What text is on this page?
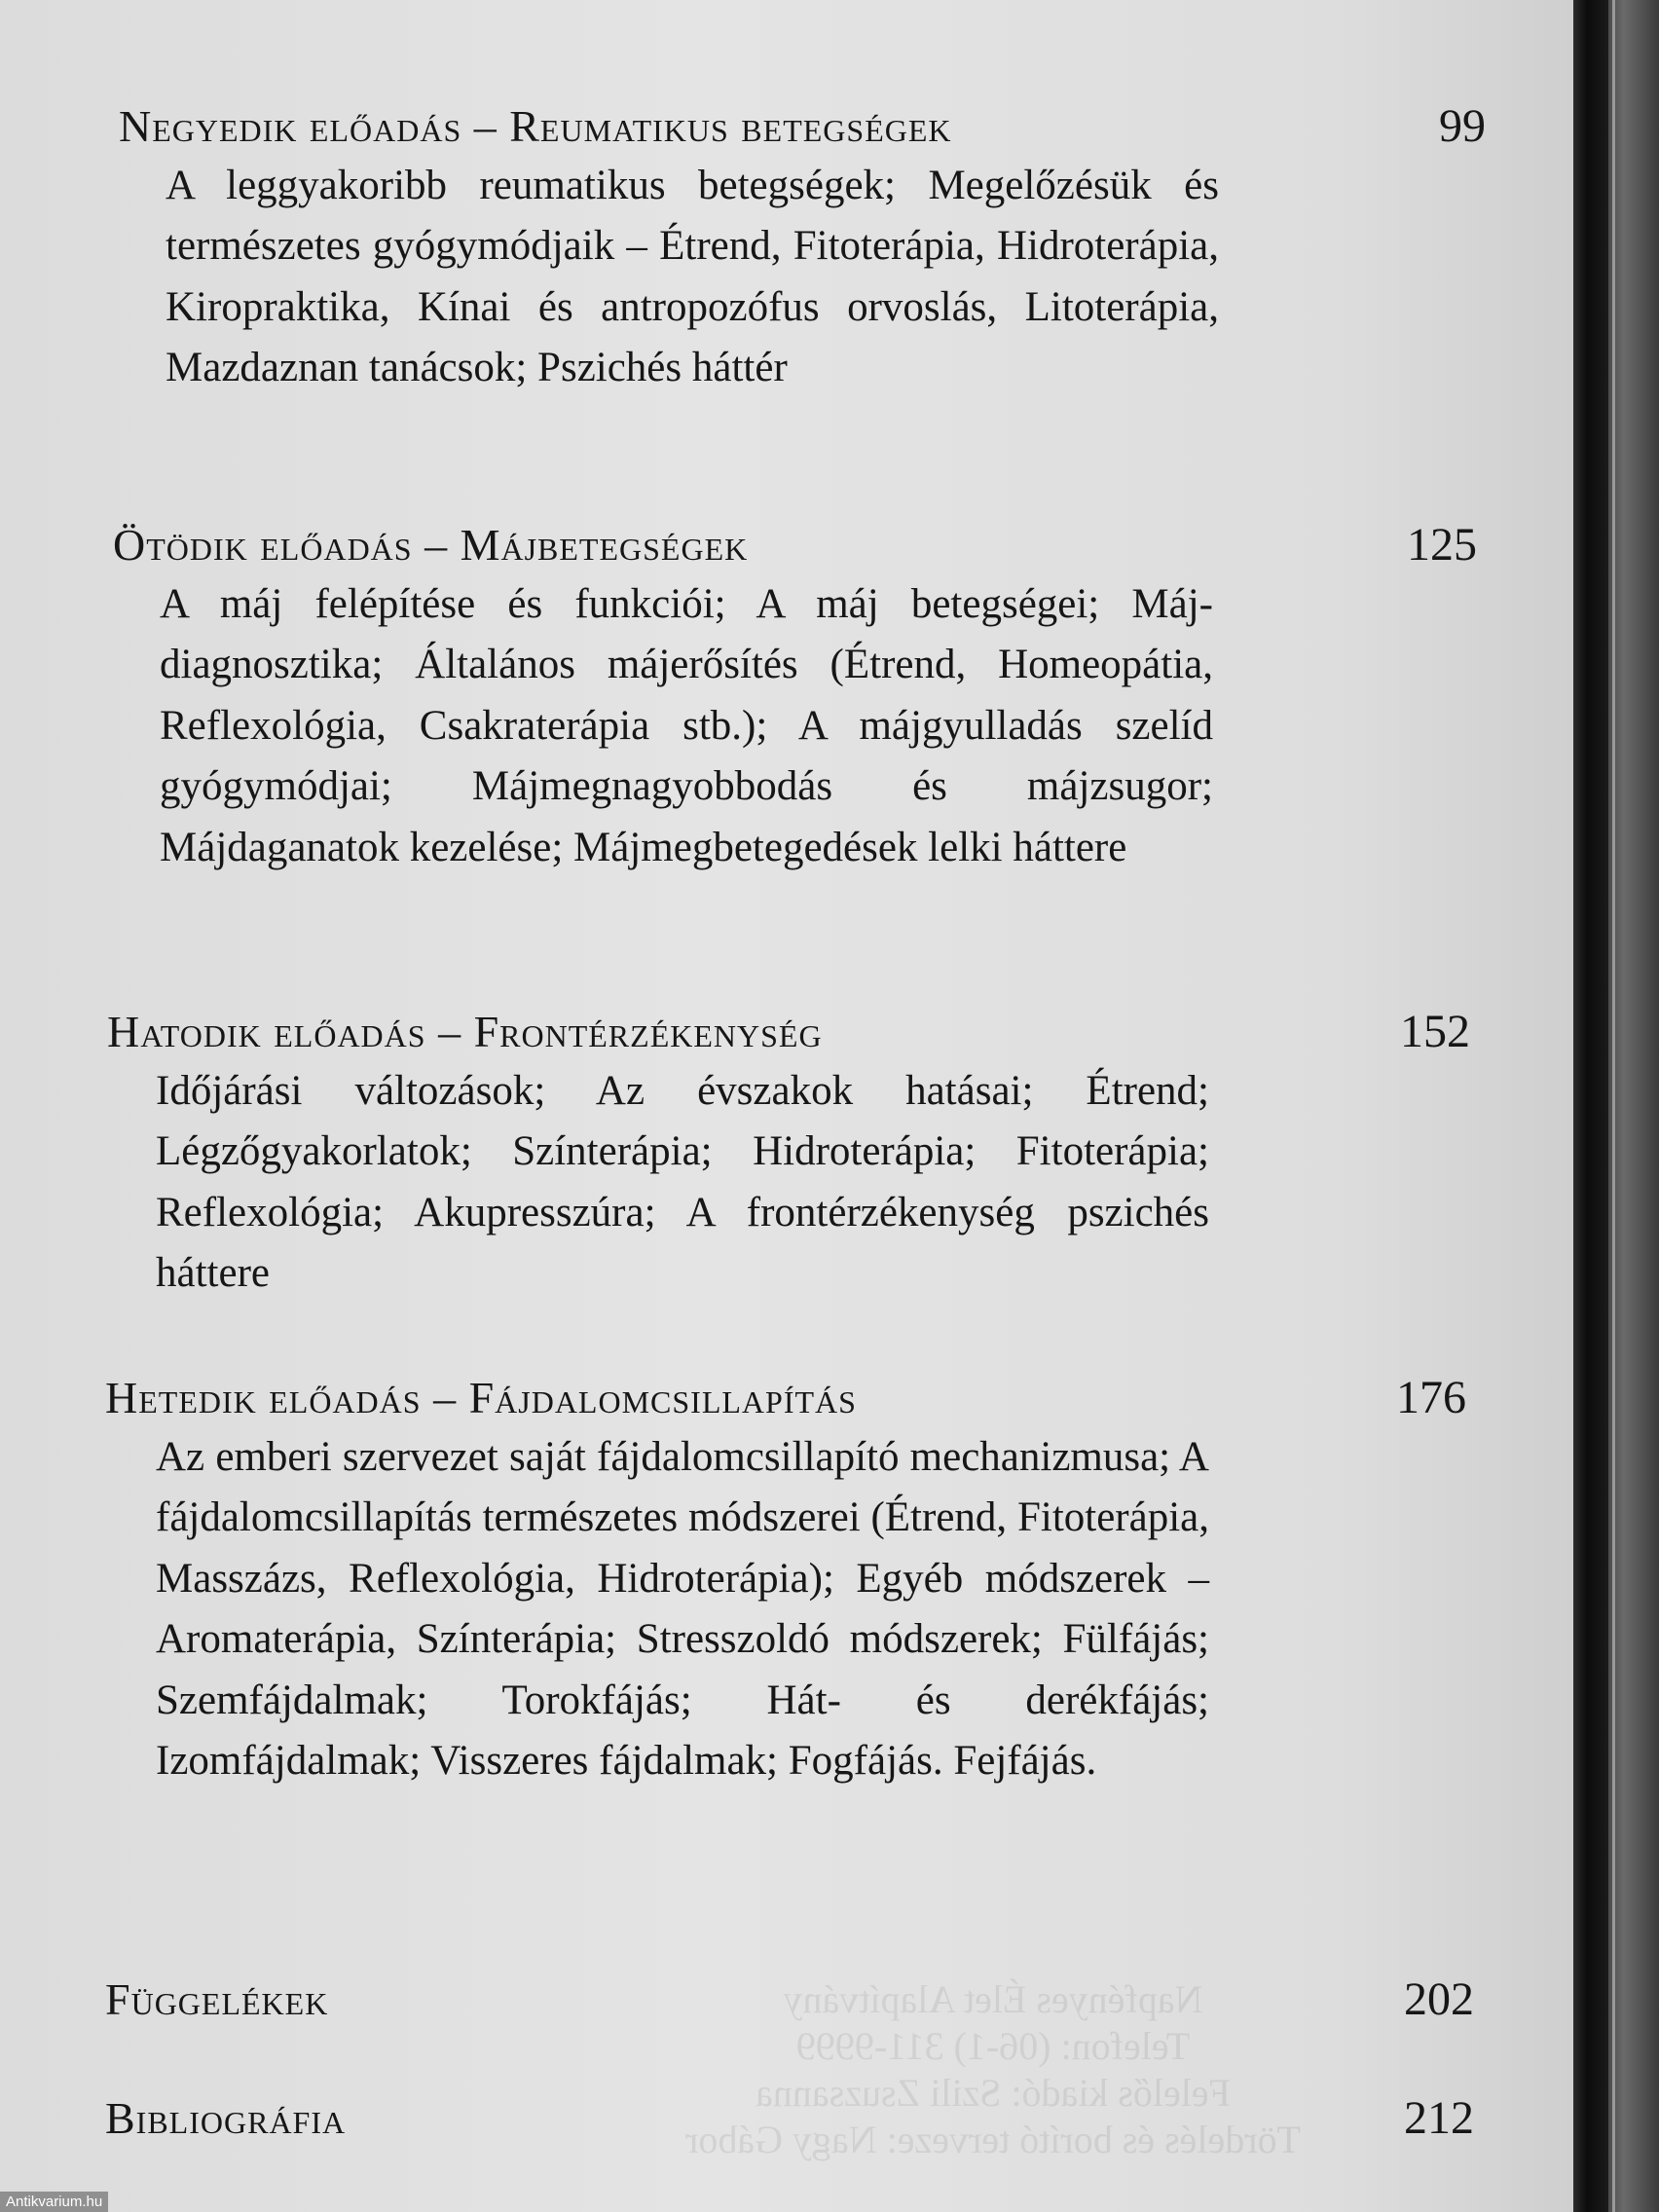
Napfényes Élet Alapítvány
Telefon: (06-1) 311-9999
Felelős kiadó: Szili Zsuzsanna
Tördelés és borító terveze: Nagy Gábor
Negyedik előadás – Reumatikus betegségek	99
A leggyakoribb reumatikus betegségek; Megelőzésük és természetes gyógymódjaik – Étrend, Fitoterápia, Hidroterápia, Kiropraktika, Kínai és antropozófus orvoslás, Litoterápia, Mazdaznan tanácsok; Pszichés háttér
Ötödik előadás – Májbetegségek	125
A máj felépítése és funkciói; A máj betegségei; Máj-diagnosztika; Általános májerősítés (Étrend, Homeopátia, Reflexológia, Csakraterápia stb.); A májgyulladás szelíd gyógymódjai; Májmegnagyobbodás és májzsugor; Májdaganatok kezelése; Májmegbetegedések lelki háttere
Hatodik előadás – Frontérzékenység	152
Időjárási változások; Az évszakok hatásai; Étrend; Légzőgyakorlatok; Színterápia; Hidroterápia; Fitoterápia; Reflexológia; Akupresszúra; A frontérzékenység pszichés háttere
Hetedik előadás – Fájdalomcsillapítás	176
Az emberi szervezet saját fájdalomcsillapító mechanizmusa; A fájdalomcsillapítás természetes módszerei (Étrend, Fitoterápia, Masszázs, Reflexológia, Hidroterápia); Egyéb módszerek – Aromaterápia, Színterápia; Stresszoldó módszerek; Fülfájás; Szemfájdalmak; Torokfájás; Hát- és derékfájás; Izomfájdalmak; Visszeres fájdalmak; Fogfájás. Fejfájás.
Függelékek	202
Bibliográfia	212
Antikvarium.hu
